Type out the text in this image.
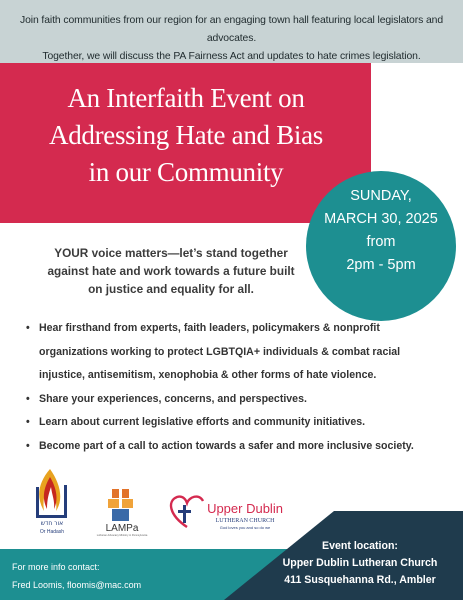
Join faith communities from our region for an engaging town hall featuring local legislators and advocates.
Together, we will discuss the PA Fairness Act and updates to hate crimes legislation.
An Interfaith Event on
Addressing Hate and Bias
in our Community
SUNDAY,
MARCH 30, 2025
from
2pm - 5pm
YOUR voice matters—let’s stand together
against hate and work towards a future built
on justice and equality for all.
• Hear firsthand from experts, faith leaders, policymakers & nonprofit
organizations working to protect LGBTQIA+ individuals & combat racial
injustice, antisemitism, xenophobia & other forms of hate violence.
• Share your experiences, concerns, and perspectives.
• Learn about current legislative efforts and community initiatives.
• Become part of a call to action towards a safer and more inclusive society.
אור חדש
Or Hadash	LAMPa
Lutheran Advocacy Ministry in Pennsylvania
Upper Dublin
LUTHERAN CHURCH
God loves you and so do we
For more info contact:
Fred Loomis, floomis@mac.com
Event location:
Upper Dublin Lutheran Church
411 Susquehanna Rd., Ambler
